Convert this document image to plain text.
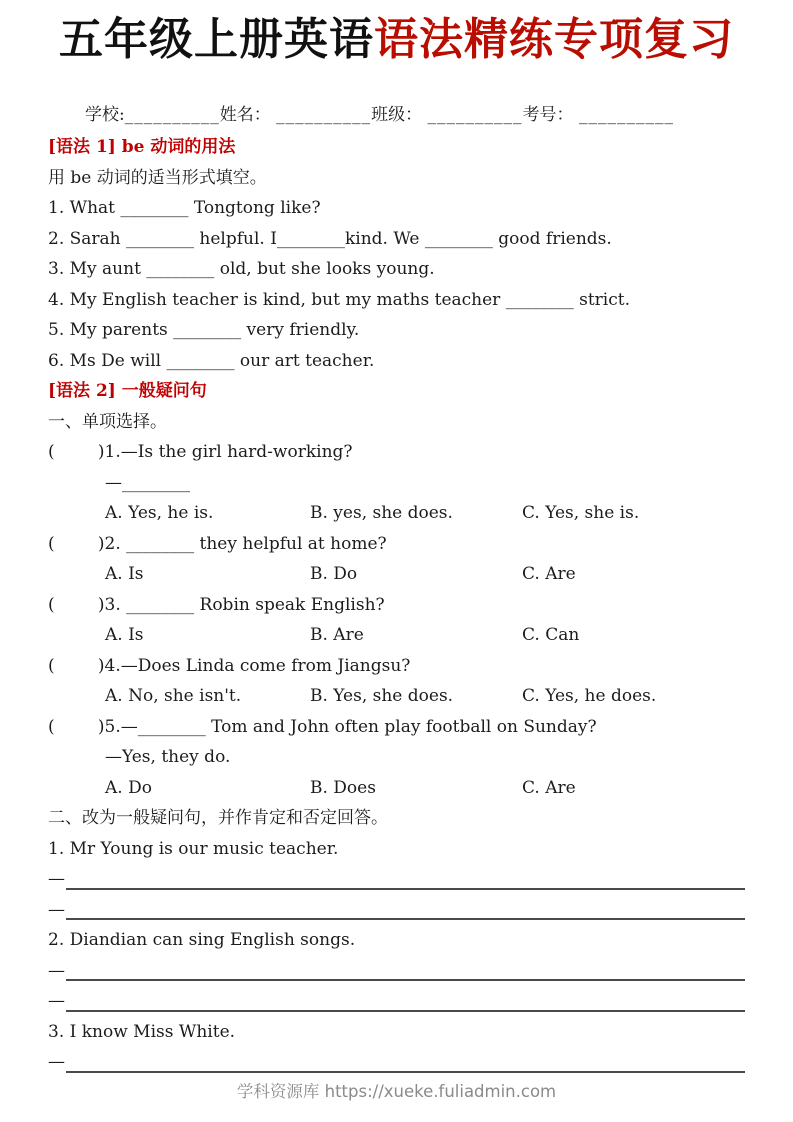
五年级上册英语语法精练专项复习
学校:__________姓名： __________班级： __________考号： __________
[语法 1] be 动词的用法
用 be 动词的适当形式填空。
1. What ________ Tongtong like?
2. Sarah ________ helpful. I________kind. We ________ good friends.
3. My aunt ________ old, but she looks young.
4. My English teacher is kind, but my maths teacher ________ strict.
5. My parents ________ very friendly.
6. Ms De will ________ our art teacher.
[语法 2] 一般疑问句
一、单项选择。
(        )1.—Is the girl hard-working?
—________
A. Yes, he is.	B. yes, she does.	C. Yes, she is.
(        )2. ________ they helpful at home?
A. Is	B. Do	C. Are
(        )3. ________ Robin speak English?
A. Is	B. Are	C. Can
(        )4.—Does Linda come from Jiangsu?
A. No, she isn't.	B. Yes, she does.	C. Yes, he does.
(        )5.—________ Tom and John often play football on Sunday?
—Yes, they do.
A. Do	B. Does	C. Are
二、改为一般疑问句，并作肯定和否定回答。
1. Mr Young is our music teacher.
—
—
2. Diandian can sing English songs.
—
—
3. I know Miss White.
—
学科资源库 https://xueke.fuliadmin.com
